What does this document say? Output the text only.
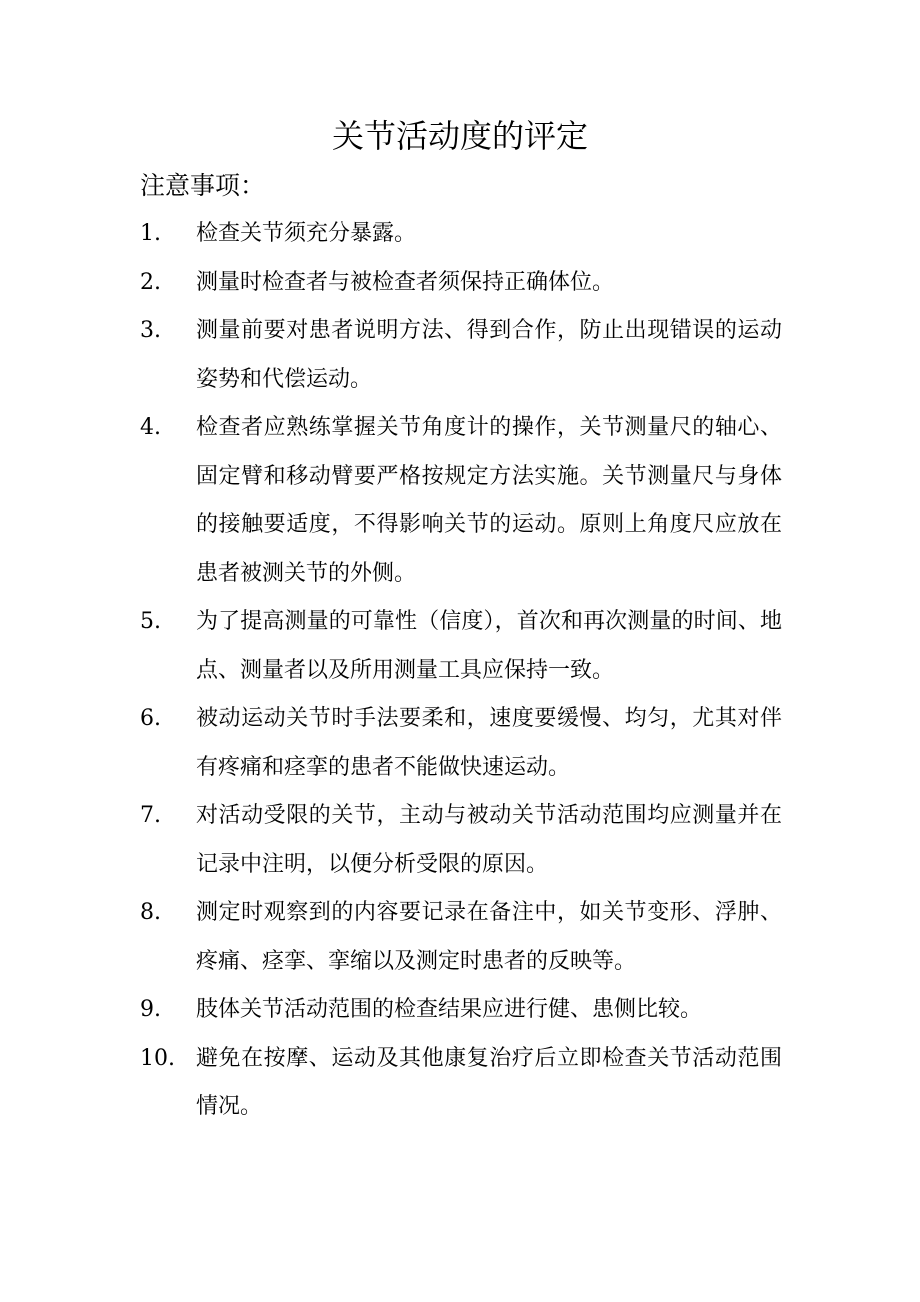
关节活动度的评定

注意事项：

1.	检查关节须充分暴露。
2.	测量时检查者与被检查者须保持正确体位。
3.	测量前要对患者说明方法、得到合作，防止出现错误的运动姿势和代偿运动。
4.	检查者应熟练掌握关节角度计的操作，关节测量尺的轴心、固定臂和移动臂要严格按规定方法实施。关节测量尺与身体的接触要适度，不得影响关节的运动。原则上角度尺应放在患者被测关节的外侧。
5.	为了提高测量的可靠性（信度），首次和再次测量的时间、地点、测量者以及所用测量工具应保持一致。
6.	被动运动关节时手法要柔和，速度要缓慢、均匀，尤其对伴有疼痛和痉挛的患者不能做快速运动。
7.	对活动受限的关节，主动与被动关节活动范围均应测量并在记录中注明，以便分析受限的原因。
8.	测定时观察到的内容要记录在备注中，如关节变形、浮肿、疼痛、痉挛、挛缩以及测定时患者的反映等。
9.	肢体关节活动范围的检查结果应进行健、患侧比较。
10. 避免在按摩、运动及其他康复治疗后立即检查关节活动范围情况。
